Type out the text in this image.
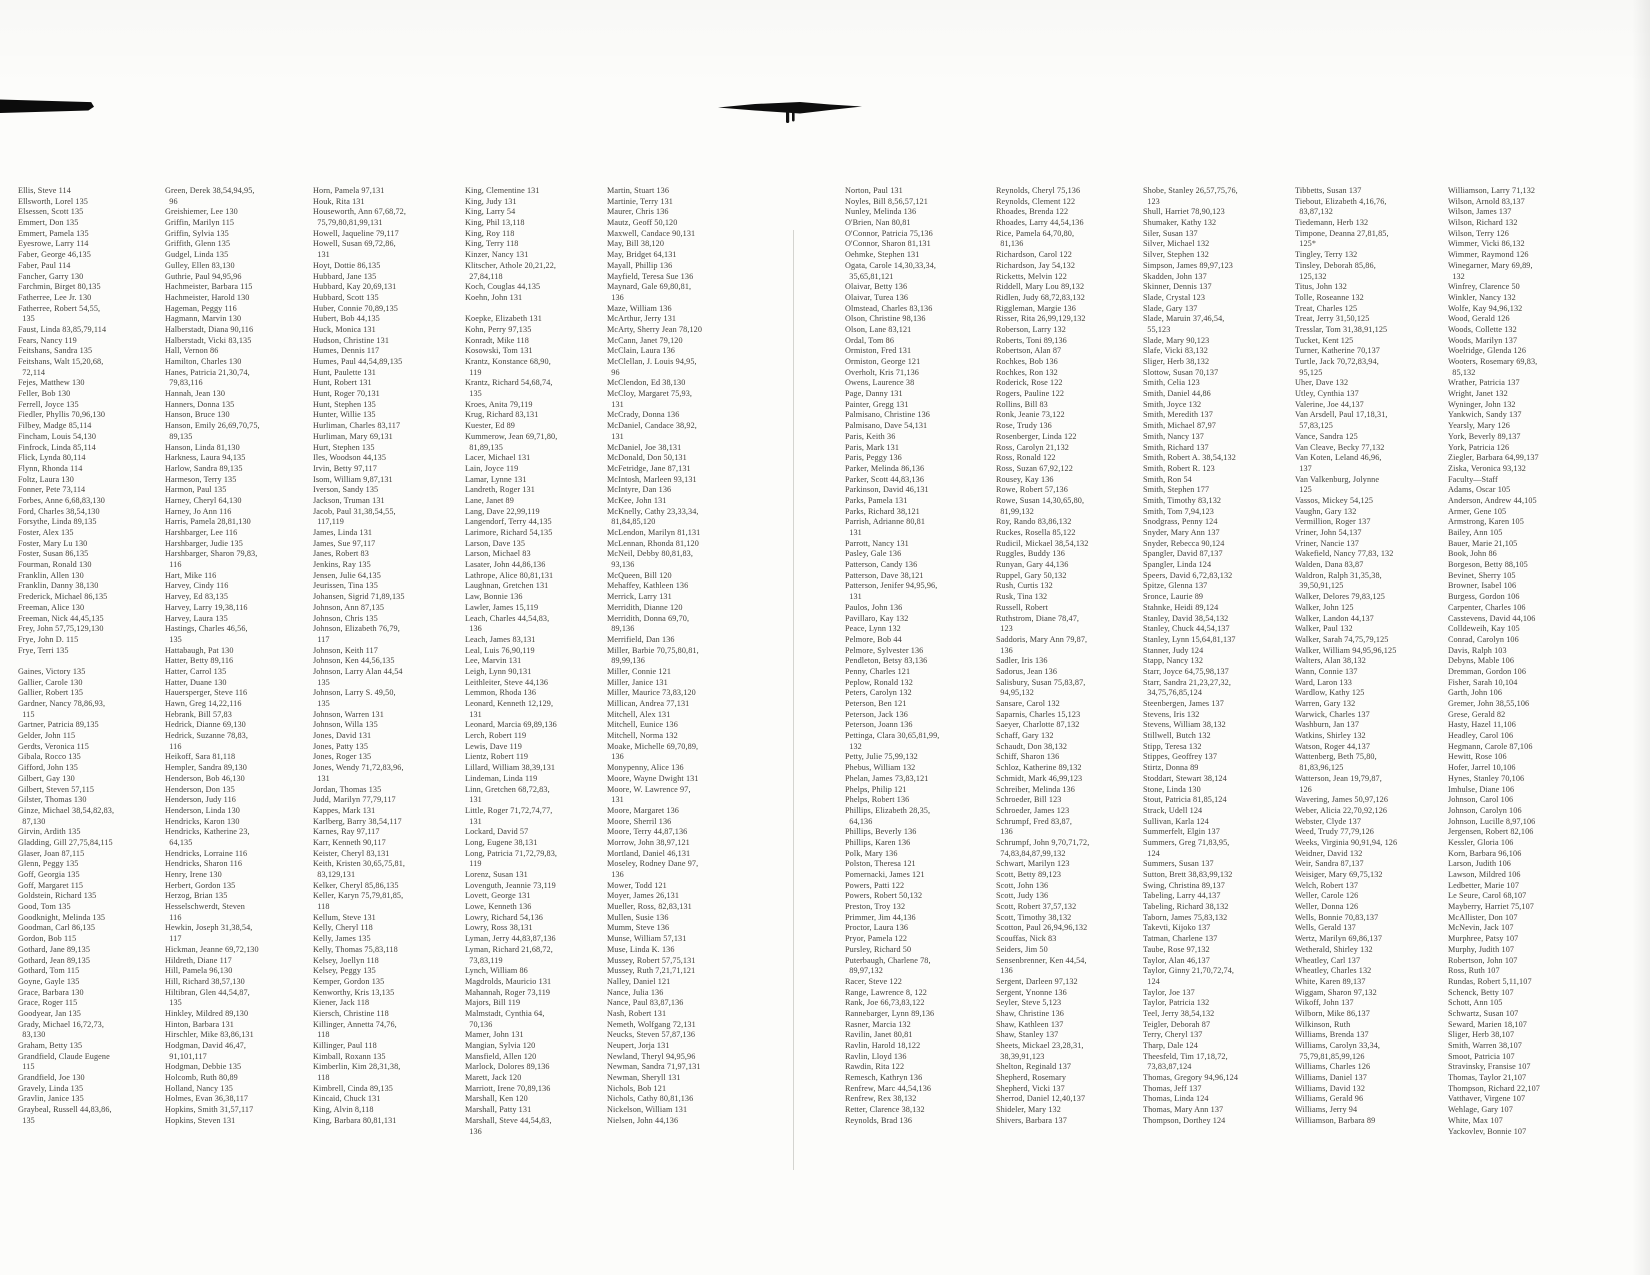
Ellis, Steve 114
Ellsworth, Lorel 135
Elsessen, Scott 135
Emmert, Don 135
Emmert, Pamela 135
Eyesrowe, Larry 114
Faber, George 46,135
Faber, Paul 114
Fancher, Garry 130
Farchmin, Birget 80,135
Fatherree, Lee Jr. 130
Fatherree, Robert 54,55,
135
Faust, Linda 83,85,79,114
Fears, Nancy 119
Feitshans, Sandra 135
Feitshans, Walt 15,20,68,
72,114
Fejes, Matthew 130
Feller, Bob 130
Ferrell, Joyce 135
Fiedler, Phyllis 70,96,130
Filbey, Madge 85,114
Fincham, Louis 54,130
Finfrock, Linda 85,114
Flick, Lynda 80,114
Flynn, Rhonda 114
Foltz, Laura 130
Fonner, Pete 73,114
Forbes, Anne 6,68,83,130
Ford, Charles 38,54,130
Forsythe, Linda 89,135
Foster, Alex 135
Foster, Mary Lu 130
Foster, Susan 86,135
Fourman, Ronald 130
Franklin, Allen 130
Franklin, Danny 38,130
Frederick, Michael 86,135
Freeman, Alice 130
Freeman, Nick 44,45,135
Frey, John 57,75,129,130
Frye, John D. 115
Frye, Terri 135
Gaines, Victory 135
Gallier, Carole 130
Gallier, Robert 135
Gardner, Nancy 78,86,93,
115
Gartner, Patricia 89,135
Gelder, John 115
Gerdts, Veronica 115
Gibala, Rocco 135
Gifford, John 135
Gilbert, Gay 130
Gilbert, Steven 57,115
Gilster, Thomas 130
Ginze, Michael 38,54,82,83,
87,130
Girvin, Ardith 135
Gladding, Gill 27,75,84,115
Glaser, Joan 87,115
Glenn, Peggy 135
Goff, Georgia 135
Goff, Margaret 115
Goldstein, Richard 135
Good, Tom 135
Goodknight, Melinda 135
Goodman, Carl 86,135
Gordon, Bob 115
Gothard, Jane 89,135
Gothard, Jean 89,135
Gothard, Tom 115
Goyne, Gayle 135
Grace, Barbara 130
Grace, Roger 115
Goodyear, Jan 135
Grady, Michael 16,72,73,
83,130
Graham, Betty 135
Grandfield, Claude Eugene
115
Grandfield, Joe 130
Gravely, Linda 135
Gravlin, Janice 135
Graybeal, Russell 44,83,86,
135
Green, Derek 38,54,94,95,
96
Greishiemer, Lee 130
Griffin, Marilyn 115
Griffin, Sylvia 135
Griffith, Glenn 135
Gudgel, Linda 135
Gulley, Ellen 83,130
Guthrie, Paul 94,95,96
Hachmeister, Barbara 115
Hachmeister, Harold 130
Hageman, Peggy 116
Hagmann, Marvin 130
Halberstadt, Diana 90,116
Halberstadt, Vicki 83,135
Hall, Vernon 86
Hamilton, Charles 130
Hanes, Patricia 21,30,74,
79,83,116
Hannah, Jean 130
Hanners, Donna 135
Hanson, Bruce 130
Hanson, Emily 26,69,70,75,
89,135
Hanson, Linda 81,130
Harkness, Laura 94,135
Harlow, Sandra 89,135
Harmeson, Terry 135
Harmon, Paul 135
Harney, Cheryl 64,130
Harney, Jo Ann 116
Harris, Pamela 28,81,130
Harshbarger, Lee 116
Harshbarger, Judie 135
Harshbarger, Sharon 79,83,
116
Hart, Mike 116
Harvey, Cindy 116
Harvey, Ed 83,135
Harvey, Larry 19,38,116
Harvey, Laura 135
Hastings, Charles 46,56,
135
Hattabaugh, Pat 130
Hatter, Betty 89,116
Hatter, Carrol 135
Hatter, Duane 130
Hauersperger, Steve 116
Hawn, Greg 14,22,116
Hebrank, Bill 57,83
Hedrick, Dianne 69,130
Hedrick, Suzanne 78,83,
116
Heikoff, Sara 81,118
Hempler, Sandra 89,130
Henderson, Bob 46,130
Henderson, Don 135
Henderson, Judy 116
Henderson, Linda 130
Hendricks, Karon 130
Hendricks, Katherine 23,
64,135
Hendricks, Lorraine 116
Hendricks, Sharon 116
Henry, Irene 130
Herbert, Gordon 135
Herzog, Brian 135
Hesselschwerdt, Steven
116
Hewkin, Joseph 31,38,54,
117
Hickman, Jeanne 69,72,130
Hildreth, Diane 117
Hill, Pamela 96,130
Hill, Richard 38,57,130
Hiltibran, Glen 44,54,87,
135
Hinkley, Mildred 89,130
Hinton, Barbara 131
Hirschler, Mike 83,86,131
Hodgman, David 46,47,
91,101,117
Hodgman, Debbie 135
Holcomb, Ruth 80,89
Holland, Nancy 135
Holmes, Evan 36,38,117
Hopkins, Smith 31,57,117
Hopkins, Steven 131
Horn, Pamela 97,131
Houk, Rita 131
Houseworth, Ann 67,68,72,
75,79,80,81,99,131
Howell, Jaqueline 79,117
Howell, Susan 69,72,86,
131
Hoyt, Dottie 86,135
Hubbard, Jane 135
Hubbard, Kay 20,69,131
Hubbard, Scott 135
Huber, Connie 70,89,135
Hubert, Bob 44,135
Huck, Monica 131
Hudson, Christine 131
Humes, Dennis 117
Humes, Paul 44,54,89,135
Hunt, Paulette 131
Hunt, Robert 131
Hunt, Roger 70,131
Hunt, Stephen 135
Hunter, Willie 135
Hurliman, Charles 83,117
Hurliman, Mary 69,131
Hurt, Stephen 135
Iles, Woodson 44,135
Irvin, Betty 97,117
Isom, William 9,87,131
Iverson, Sandy 135
Jackson, Truman 131
Jacob, Paul 31,38,54,55,
117,119
James, Linda 131
James, Sue 97,117
Janes, Robert 83
Jenkins, Ray 135
Jensen, Julie 64,135
Jeurissen, Tina 135
Johansen, Sigrid 71,89,135
Johnson, Ann 87,135
Johnson, Chris 135
Johnson, Elizabeth 76,79,
117
Johnson, Keith 117
Johnson, Ken 44,56,135
Johnson, Larry Alan 44,54
135
Johnson, Larry S. 49,50,
135
Johnson, Warren 131
Johnson, Willa 135
Jones, David 131
Jones, Patty 135
Jones, Roger 135
Jones, Wendy 71,72,83,96,
131
Jordan, Thomas 135
Judd, Marilyn 77,79,117
Kappes, Mark 131
Karlberg, Barry 38,54,117
Karnes, Ray 97,117
Karr, Kenneth 90,117
Keister, Cheryl 83,131
Keith, Kristen 30,65,75,81,
83,129,131
Kelker, Cheryl 85,86,135
Keller, Karyn 75,79,81,85,
118
Kellum, Steve 131
Kelly, Cheryl 118
Kelly, James 135
Kelly, Thomas 75,83,118
Kelsey, Joellyn 118
Kelsey, Peggy 135
Kemper, Gordon 135
Kenworthy, Kris 13,135
Kiener, Jack 118
Kiersch, Christine 118
Killinger, Annetta 74,76,
118
Killinger, Paul 118
Kimball, Roxann 135
Kimberlin, Kim 28,31,38,
118
Kimbrell, Cinda 89,135
Kincaid, Chuck 131
King, Alvin 8,118
King, Barbara 80,81,131
King, Clementine 131
King, Judy 131
King, Larry 54
King, Phil 13,118
King, Roy 118
King, Terry 118
Kinzer, Nancy 131
Klitscher, Athole 20,21,22,
27,84,118
Koch, Couglas 44,135
Koehn, John 131
Koepke, Elizabeth 131
Kohn, Perry 97,135
Konradt, Mike 118
Kosowski, Tom 131
Krantz, Konstance 68,90,
119
Krantz, Richard 54,68,74,
135
Kroes, Anita 79,119
Krug, Richard 83,131
Kuester, Ed 89
Kummerow, Jean 69,71,80,
81,89,135
Lacer, Michael 131
Lain, Joyce 119
Lamar, Lynne 131
Landreth, Roger 131
Lane, Janet 89
Lang, Dave 22,99,119
Langendorf, Terry 44,135
Larimore, Richard 54,135
Larson, Dave 135
Larson, Michael 83
Lasater, John 44,86,136
Lathrope, Alice 80,81,131
Laughnan, Gretchen 131
Law, Bonnie 136
Lawler, James 15,119
Leach, Charles 44,54,83,
136
Leach, James 83,131
Leal, Luis 76,90,119
Lee, Marvin 131
Leigh, Lynn 90,131
Leithleiter, Steve 44,136
Lemmon, Rhoda 136
Leonard, Kenneth 12,129,
131
Leonard, Marcia 69,89,136
Lerch, Robert 119
Lewis, Dave 119
Lientz, Robert 119
Lillard, William 38,39,131
Lindeman, Linda 119
Linn, Gretchen 68,72,83,
131
Little, Roger 71,72,74,77,
131
Lockard, David 57
Long, Eugene 38,131
Long, Patricia 71,72,79,83,
119
Lorenz, Susan 131
Lovenguth, Jeannie 73,119
Lovett, George 131
Lowe, Kenneth 136
Lowry, Richard 54,136
Lowry, Ross 38,131
Lyman, Jerry 44,83,87,136
Lyman, Richard 21,68,72,
73,83,119
Lynch, William 86
Magdrolds, Mauricio 131
Mahannah, Roger 73,119
Majors, Bill 119
Malmstadt, Cynthia 64,
70,136
Mamer, John 131
Mangian, Sylvia 120
Mansfield, Allen 120
Marlock, Dolores 89,136
Marett, Jack 120
Marriott, Irene 70,89,136
Marshall, Ken 120
Marshall, Patty 131
Marshall, Steve 44,54,83,
136
Martin, Stuart 136
Martinie, Terry 131
Maurer, Chris 136
Mautz, Geoff 50,120
Maxwell, Candace 90,131
May, Bill 38,120
May, Bridget 64,131
Mayall, Phillip 136
Mayfield, Teresa Sue 136
Maynard, Gale 69,80,81,
136
Maze, William 136
McArthur, Jerry 131
McArty, Sherry Jean 78,120
McCann, Janet 79,120
McClain, Laura 136
McClellan, J. Louis 94,95,
96
McClendon, Ed 38,130
McCloy, Margaret 75,93,
131
McCrady, Donna 136
McDaniel, Candace 38,92,
131
McDaniel, Joe 38,131
McDonald, Don 50,131
McFetridge, Jane 87,131
McIntosh, Marleen 93,131
McIntyre, Dan 136
McKee, John 131
McKnelly, Cathy 23,33,34,
81,84,85,120
McLendon, Marilyn 81,131
McLennan, Rhonda 81,120
McNeil, Debby 80,81,83,
93,136
McQueen, Bill 120
Mehaffey, Kathleen 136
Merrick, Larry 131
Merridith, Dianne 120
Merridith, Donna 69,70,
89,136
Merrifield, Dan 136
Miller, Barbie 70,75,80,81,
89,99,136
Miller, Connie 121
Miller, Janice 131
Miller, Maurice 73,83,120
Millican, Andrea 77,131
Mitchell, Alex 131
Mitchell, Eunice 136
Mitchell, Norma 132
Moake, Michelle 69,70,89,
136
Monypenny, Alice 136
Moore, Wayne Dwight 131
Moore, W. Lawrence 97,
131
Moore, Margaret 136
Moore, Sherril 136
Moore, Terry 44,87,136
Morrow, John 38,97,121
Mortland, Daniel 46,131
Moseley, Rodney Dane 97,
136
Mower, Todd 121
Moyer, James 26,131
Mueller, Ross, 82,83,131
Mullen, Susie 136
Mumm, Steve 136
Munse, William 57,131
Muse, Linda K. 136
Mussey, Robert 57,75,131
Mussey, Ruth 7,21,71,121
Nalley, Daniel 121
Nance, Julia 136
Nance, Paul 83,87,136
Nash, Robert 131
Nemeth, Wolfgang 72,131
Neucks, Steven 57,87,136
Neupert, Jorja 131
Newland, Theryl 94,95,96
Newman, Sandra 71,97,131
Newman, Sheryll 131
Nichols, Bob 121
Nichols, Cathy 80,81,136
Nickelson, William 131
Nielsen, John 44,136
Norton, Paul 131
Noyles, Bill 8,56,57,121
Nunley, Melinda 136
O'Brien, Nan 80,81
O'Connor, Patricia 75,136
O'Connor, Sharon 81,131
Oehmke, Stephen 131
Ogata, Carole 14,30,33,34,
35,65,81,121
Olaivar, Betty 136
Olaivar, Turea 136
Olmstead, Charles 83,136
Olson, Christine 98,136
Olson, Lane 83,121
Ordal, Tom 86
Ormiston, Fred 131
Ormiston, George 121
Overholt, Kris 71,136
Owens, Laurence 38
Page, Danny 131
Painter, Gregg 131
Palmisano, Christine 136
Palmisano, Dave 54,131
Paris, Keith 36
Paris, Mark 131
Paris, Peggy 136
Parker, Melinda 86,136
Parker, Scott 44,83,136
Parkinson, David 46,131
Parks, Pamela 131
Parks, Richard 38,121
Parrish, Adrianne 80,81
131
Parrott, Nancy 131
Pasley, Gale 136
Patterson, Candy 136
Patterson, Dave 38,121
Patterson, Jenifer 94,95,96,
131
Paulos, John 136
Pavillaro, Kay 132
Peace, Lynn 132
Pelmore, Bob 44
Pelmore, Sylvester 136
Pendleton, Betsy 83,136
Penny, Charles 121
Peplow, Ronald 132
Peters, Carolyn 132
Peterson, Ben 121
Peterson, Jack 136
Peterson, Joann 136
Pettinga, Clara 30,65,81,99,
132
Petty, Julie 75,99,132
Phebus, William 132
Phelan, James 73,83,121
Phelps, Philip 121
Phelps, Robert 136
Phillips, Elizabeth 28,35,
64,136
Phillips, Beverly 136
Phillips, Karen 136
Polk, Mary 136
Polston, Theresa 121
Pomernacki, James 121
Powers, Patti 122
Powers, Robert 50,132
Preston, Troy 132
Primmer, Jim 44,136
Proctor, Laura 136
Pryor, Pamela 122
Pursley, Richard 50
Puterbaugh, Charlene 78,
89,97,132
Racer, Steve 122
Range, Lawrence 8, 122
Rank, Joe 66,73,83,122
Rannebarger, Lynn 89,136
Rasner, Marcia 132
Ravilin, Janet 80,81
Ravlin, Harold 18,122
Ravlin, Lloyd 136
Rawdin, Rita 122
Remesch, Kathryn 136
Renfrew, Marc 44,54,136
Renfrew, Rex 38,132
Retter, Clarence 38,132
Reynolds, Brad 136
Reynolds, Cheryl 75,136
Reynolds, Clement 122
Rhoades, Brenda 122
Rhoades, Larry 44,54,136
Rice, Pamela 64,70,80,
81,136
Richardson, Carol 122
Richardson, Jay 54,132
Ricketts, Melvin 122
Riddell, Mary Lou 89,132
Ridlen, Judy 68,72,83,132
Riggleman, Margie 136
Risser, Rita 26,99,129,132
Roberson, Larry 132
Roberts, Toni 89,136
Robertson, Alan 87
Rochkes, Bob 136
Rochkes, Ron 132
Roderick, Rose 122
Rogers, Pauline 122
Rollins, Bill 83
Ronk, Jeanie 73,122
Rose, Trudy 136
Rosenberger, Linda 122
Ross, Carolyn 21,132
Ross, Ronald 122
Ross, Suzan 67,92,122
Rousey, Kay 136
Rowe, Robert 57,136
Rowe, Susan 14,30,65,80,
81,99,132
Roy, Rando 83,86,132
Ruckes, Rosella 85,122
Rudicil, Mickael 38,54,132
Ruggles, Buddy 136
Runyan, Gary 44,136
Ruppel, Gary 50,132
Rush, Curtis 132
Rusk, Tina 132
Russell, Robert
Ruthstrom, Diane 78,47,
123
Saddoris, Mary Ann 79,87,
136
Sadler, Iris 136
Sadorus, Jean 136
Salisbury, Susan 75,83,87,
94,95,132
Sansare, Carol 132
Saparnis, Charles 15,123
Saeyer, Charlotte 87,132
Schaff, Gary 132
Schaudt, Don 38,132
Schiff, Sharon 136
Schloz, Katherine 89,132
Schmidt, Mark 46,99,123
Schreiber, Melinda 136
Schroeder, Bill 123
Schroeder, James 123
Schrumpf, Fred 83,87,
136
Schrumpf, John 9,70,71,72,
74,83,84,87,99,132
Schwart, Marilyn 123
Scott, Betty 89,123
Scott, John 136
Scott, Judy 136
Scott, Robert 37,57,132
Scott, Timothy 38,132
Scotton, Paul 26,94,96,132
Scouffas, Nick 83
Seiders, Jim 50
Sensenbrenner, Ken 44,54,
136
Sergent, Darleen 97,132
Sergent, Ynonne 136
Seyler, Steve 5,123
Shaw, Christine 136
Shaw, Kathleen 137
Shaw, Stanley 137
Sheets, Mickael 23,28,31,
38,39,91,123
Shelton, Reginald 137
Shepherd, Rosemary
Shepherd, Vicki 137
Sherrod, Daniel 12,40,137
Shideler, Mary 132
Shivers, Barbara 137
Shobe, Stanley 26,57,75,76,
123
Shull, Harriet 78,90,123
Shumaker, Kathy 132
Siler, Susan 137
Silver, Michael 132
Silver, Stephen 132
Simpson, James 89,97,123
Skadden, John 137
Skinner, Dennis 137
Slade, Crystal 123
Slade, Gary 137
Slade, Maruin 37,46,54,
55,123
Slade, Mary 90,123
Slafe, Vicki 83,132
Sliger, Herb 38,132
Slottow, Susan 70,137
Smith, Celia 123
Smith, Daniel 44,86
Smith, Joyce 132
Smith, Meredith 137
Smith, Michael 87,97
Smith, Nancy 137
Smith, Richard 137
Smith, Robert A. 38,54,132
Smith, Robert R. 123
Smith, Ron 54
Smith, Stephen 177
Smith, Timothy 83,132
Smith, Tom 7,94,123
Snodgrass, Penny 124
Snyder, Mary Ann 137
Snyder, Rebecca 90,124
Spangler, David 87,137
Spangler, Linda 124
Speers, David 6,72,83,132
Spitze, Glenna 137
Sronce, Laurie 89
Stahnke, Heidi 89,124
Stanley, David 38,54,132
Stanley, Chuck 44,54,137
Stanley, Lynn 15,64,81,137
Stanner, Judy 124
Stapp, Nancy 132
Starr, Joyce 64,75,98,137
Starr, Sandra 21,23,27,32,
34,75,76,85,124
Steenbergen, James 137
Stevens, Iris 132
Stevens, William 38,132
Stillwell, Butch 132
Stipp, Teresa 132
Stippes, Geoffrey 137
Stirtz, Donna 89
Stoddart, Stewart 38,124
Stone, Linda 130
Stout, Patricia 81,85,124
Strack, Udell 124
Sullivan, Karla 124
Summerfelt, Elgin 137
Summers, Greg 71,83,95,
124
Summers, Susan 137
Sutton, Brett 38,83,99,132
Swing, Christina 89,137
Tabeling, Larry 44,137
Tabeling, Richard 38,132
Taborn, James 75,83,132
Takevti, Kijoko 137
Tatman, Charlene 137
Taube, Rose 97,132
Taylor, Alan 46,137
Taylor, Ginny 21,70,72,74,
124
Taylor, Joe 137
Taylor, Patricia 132
Teel, Jerry 38,54,132
Teigler, Deborah 87
Terry, Cheryl 137
Tharp, Dale 124
Theesfeld, Tim 17,18,72,
73,83,87,124
Thomas, Gregory 94,96,124
Thomas, Jeff 137
Thomas, Linda 124
Thomas, Mary Ann 137
Thompson, Dorthey 124
Tibbetts, Susan 137
Tiebout, Elizabeth 4,16,76,
83,87,132
Tiedemann, Herb 132
Timpone, Deanna 27,81,85,
125*
Tingley, Terry 132
Tinsley, Deborah 85,86,
125,132
Titus, John 132
Tolle, Roseanne 132
Treat, Charles 125
Treat, Jerry 31,50,125
Tresslar, Tom 31,38,91,125
Tucket, Kent 125
Turner, Katherine 70,137
Turtle, Jack 70,72,83,94,
95,125
Uher, Dave 132
Utley, Cynthia 137
Valerine, Joe 44,137
Van Arsdell, Paul 17,18,31,
57,83,125
Vance, Sandra 125
Van Cleave, Becky 77,132
Van Koten, Leland 46,96,
137
Van Valkenburg, Jolynne
125
Vassos, Mickey 54,125
Vaughn, Gary 132
Vermillion, Roger 137
Vriner, John 54,137
Vriner, Nancie 137
Wakefield, Nancy 77,83, 132
Walden, Dana 83,87
Waldron, Ralph 31,35,38,
39,50,91,125
Walker, Delores 79,83,125
Walker, John 125
Walker, Landon 44,137
Walker, Paul 132
Walker, Sarah 74,75,79,125
Walker, William 94,95,96,125
Walters, Alan 38,132
Wann, Connie 137
Ward, Laron 133
Wardlow, Kathy 125
Warren, Gary 132
Warwick, Charles 137
Washburn, Jan 137
Watkins, Shirley 132
Watson, Roger 44,137
Wattenberg, Beth 75,80,
81,83,96,125
Watterson, Jean 19,79,87,
126
Wavering, James 50,97,126
Weber, Alicia 22,70,92,126
Webster, Clyde 137
Weed, Trudy 77,79,126
Weeks, Virginia 90,91,94, 126
Weidner, David 132
Weir, Sandra 87,137
Weisiger, Mary 69,75,132
Welch, Robert 137
Weller, Carole 126
Weller, Donna 126
Wells, Bonnie 70,83,137
Wells, Gerald 137
Wertz, Marilyn 69,86,137
Wetherald, Shirley 132
Wheatley, Carl 137
Wheatley, Charles 132
White, Karen 89,137
Wiggam, Sharon 97,132
Wikoff, John 137
Wilborn, Mike 86,137
Wilkinson, Ruth
Williams, Brenda 137
Williams, Carolyn 33,34,
75,79,81,85,99,126
Williams, Charles 126
Williams, Daniel 137
Williams, David 132
Williams, Gerald 96
Williams, Jerry 94
Williamson, Barbara 89
Williamson, Larry 71,132
Wilson, Arnold 83,137
Wilson, James 137
Wilson, Richard 132
Wilson, Terry 126
Wimmer, Vicki 86,132
Wimmer, Raymond 126
Winegarner, Mary 69,89,
132
Winfrey, Clarence 50
Winkler, Nancy 132
Wolfe, Kay 94,96,132
Wood, Gerald 126
Woods, Collette 132
Woods, Marilyn 137
Woelridge, Glenda 126
Wooters, Rosemary 69,83,
85,132
Wrather, Patricia 137
Wright, Janet 132
Wyninger, John 132
Yankwich, Sandy 137
Yearsly, Mary 126
York, Beverly 89,137
York, Patricia 126
Ziegler, Barbara 64,99,137
Ziska, Veronica 93,132
Faculty—Staff
Adams, Oscar 105
Anderson, Andrew 44,105
Armer, Gene 105
Armstrong, Karen 105
Bailey, Ann 105
Bauer, Marie 21,105
Book, John 86
Borgeson, Betty 88,105
Bevinet, Sherry 105
Browner, Isabel 106
Burgess, Gordon 106
Carpenter, Charles 106
Casstevens, David 44,106
Colldeweih, Kay 105
Conrad, Carolyn 106
Davis, Ralph 103
Debyns, Mable 106
Dremman, Gordon 106
Fisher, Sarah 10,104
Garth, John 106
Gremer, John 38,55,106
Grese, Gerald 82
Hasty, Hazel 11,106
Headley, Carol 106
Hegmann, Carole 87,106
Hewitt, Rose 106
Hofer, Jarrel 10,106
Hynes, Stanley 70,106
Imhulse, Diane 106
Johnson, Carol 106
Johnson, Carolyn 106
Johnson, Lucille 8,97,106
Jergensen, Robert 82,106
Kessler, Gloria 106
Korn, Barbara 96,106
Larson, Judith 106
Lawson, Mildred 106
Ledbetter, Marie 107
Le Seure, Carol 68,107
Mayberry, Harriet 75,107
McAllister, Don 107
McNevin, Jack 107
Murphree, Patsy 107
Murphy, Judith 107
Robertson, John 107
Ross, Ruth 107
Rundas, Robert 5,11,107
Schenck, Betty 107
Schott, Ann 105
Schwartz, Susan 107
Seward, Marien 18,107
Sliger, Herb 38,107
Smith, Warren 38,107
Smoot, Patricia 107
Stravinsky, Fransise 107
Thomas, Taylor 21,107
Thompson, Richard 22,107
Vatthaver, Virgene 107
Wehlage, Gary 107
White, Max 107
Yackovlev, Bonnie 107
